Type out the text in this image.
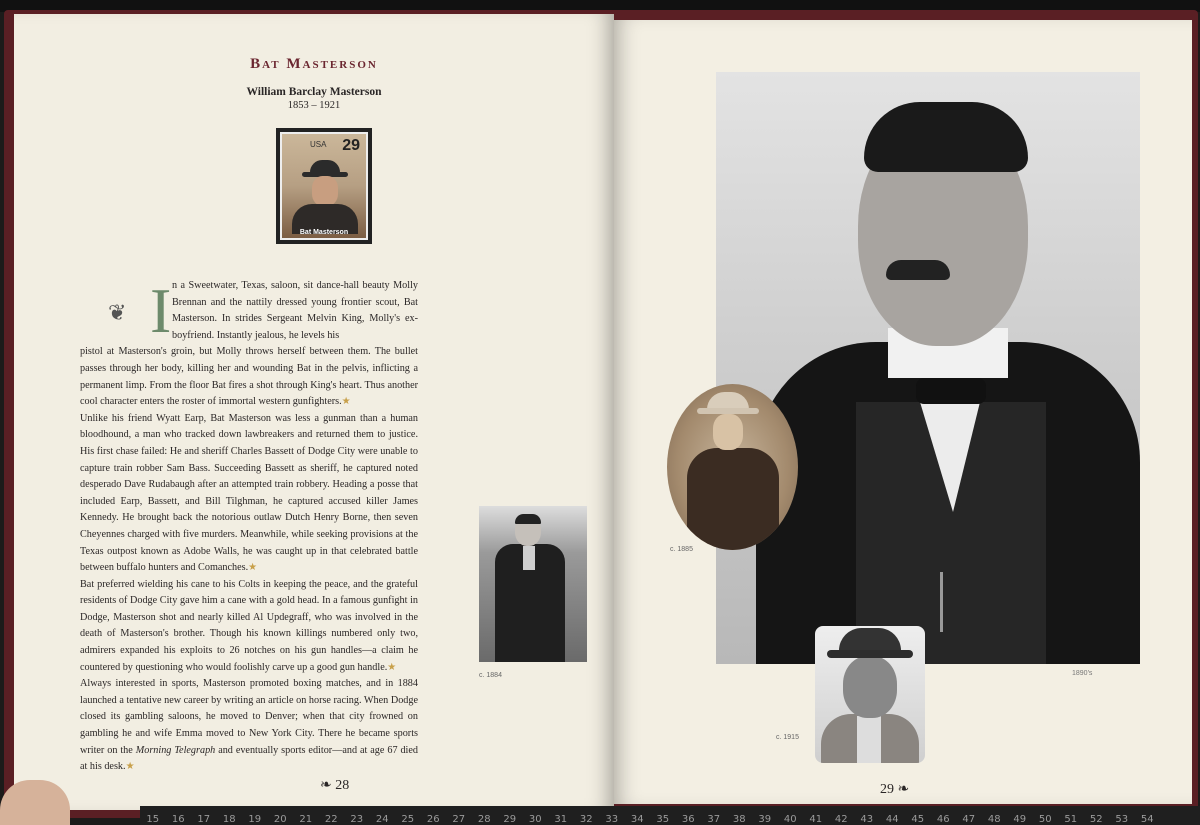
Bat Masterson
William Barclay Masterson
1853 – 1921
USA 29
Bat Masterson
❦ I n a Sweetwater, Texas, saloon, sit dance-hall beauty Molly Brennan and the nattily dressed young frontier scout, Bat Masterson. In strides Sergeant Melvin King, Molly's ex-boyfriend. Instantly jealous, he levels his

pistol at Masterson's groin, but Molly throws herself between them. The bullet passes through her body, killing her and wounding Bat in the pelvis, inflicting a permanent limp. From the floor Bat fires a shot through King's heart. Thus another cool character enters the roster of immortal western gunfighters.★

Unlike his friend Wyatt Earp, Bat Masterson was less a gunman than a human bloodhound, a man who tracked down lawbreakers and returned them to justice. His first chase failed: He and sheriff Charles Bassett of Dodge City were unable to capture train robber Sam Bass. Succeeding Bassett as sheriff, he captured noted desperado Dave Rudabaugh after an attempted train robbery. Heading a posse that included Earp, Bassett, and Bill Tilghman, he captured accused killer James Kennedy. He brought back the notorious outlaw Dutch Henry Borne, then seven Cheyennes charged with five murders. Meanwhile, while seeking provisions at the Texas outpost known as Adobe Walls, he was caught up in that celebrated battle between buffalo hunters and Comanches.★

Bat preferred wielding his cane to his Colts in keeping the peace, and the grateful residents of Dodge City gave him a cane with a gold head. In a famous gunfight in Dodge, Masterson shot and nearly killed Al Updegraff, who was involved in the death of Masterson's brother. Though his known killings numbered only two, admirers expanded his exploits to 26 notches on his gun handles—a claim he countered by questioning who would foolishly carve up a good gun handle.★

Always interested in sports, Masterson promoted boxing matches, and in 1884 launched a tentative new career by writing an article on horse racing. When Dodge closed its gambling saloons, he moved to Denver; when that city frowned on gambling he and wife Emma moved to New York City. There he became sports writer on the Morning Telegraph and eventually sports editor—and at age 67 died at his desk.★

c. 1884
❧ 28
1890's
c. 1885
c. 1915
29 ❧
15	16	17	18	19	20	21	22	23	24	25	26	27	28	29	30	31	32	33	34	35	36	37	38	39	40	41	42	43	44	45	46	47	48	49	50	51	52	53	54
